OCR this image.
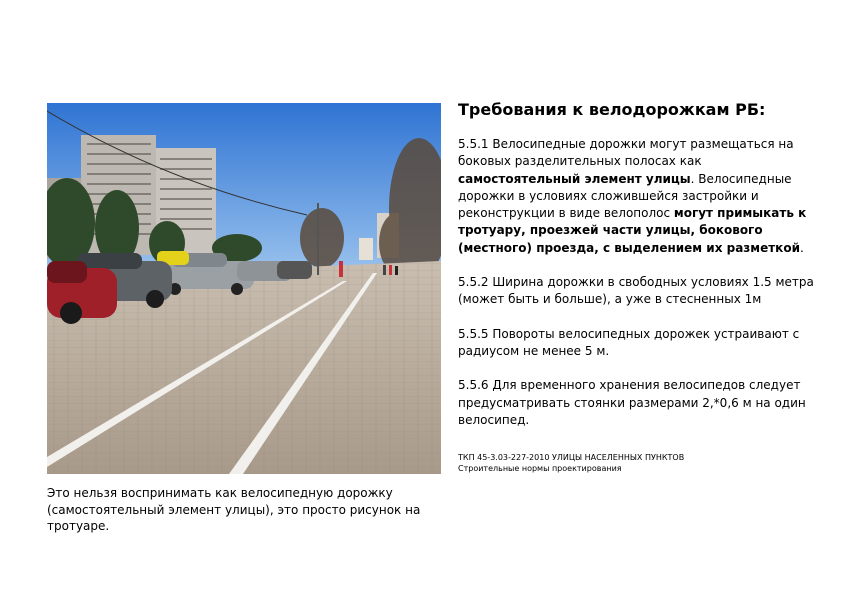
Это нельзя воспринимать как велосипедную дорожку (самостоятельный элемент улицы), это просто рисунок на тротуаре.
Требования к велодорожкам РБ:

5.5.1 Велосипедные дорожки могут размещаться на боковых разделительных полосах как самостоятельный элемент улицы. Велосипедные дорожки в условиях сложившейся застройки и реконструкции в виде велополос могут примыкать к тротуару, проезжей части улицы, бокового (местного) проезда, с выделением их разметкой.

5.5.2 Ширина дорожки в свободных условиях 1.5 метра (может быть и больше), а уже в стесненных 1м

5.5.5 Повороты велосипедных дорожек устраивают с радиусом не менее 5 м.

5.5.6 Для временного хранения велосипедов следует предусматривать стоянки размерами 2,*0,6 м на один велосипед.

ТКП 45-3.03-227-2010 УЛИЦЫ НАСЕЛЕННЫХ ПУНКТОВ
Строительные нормы проектирования
